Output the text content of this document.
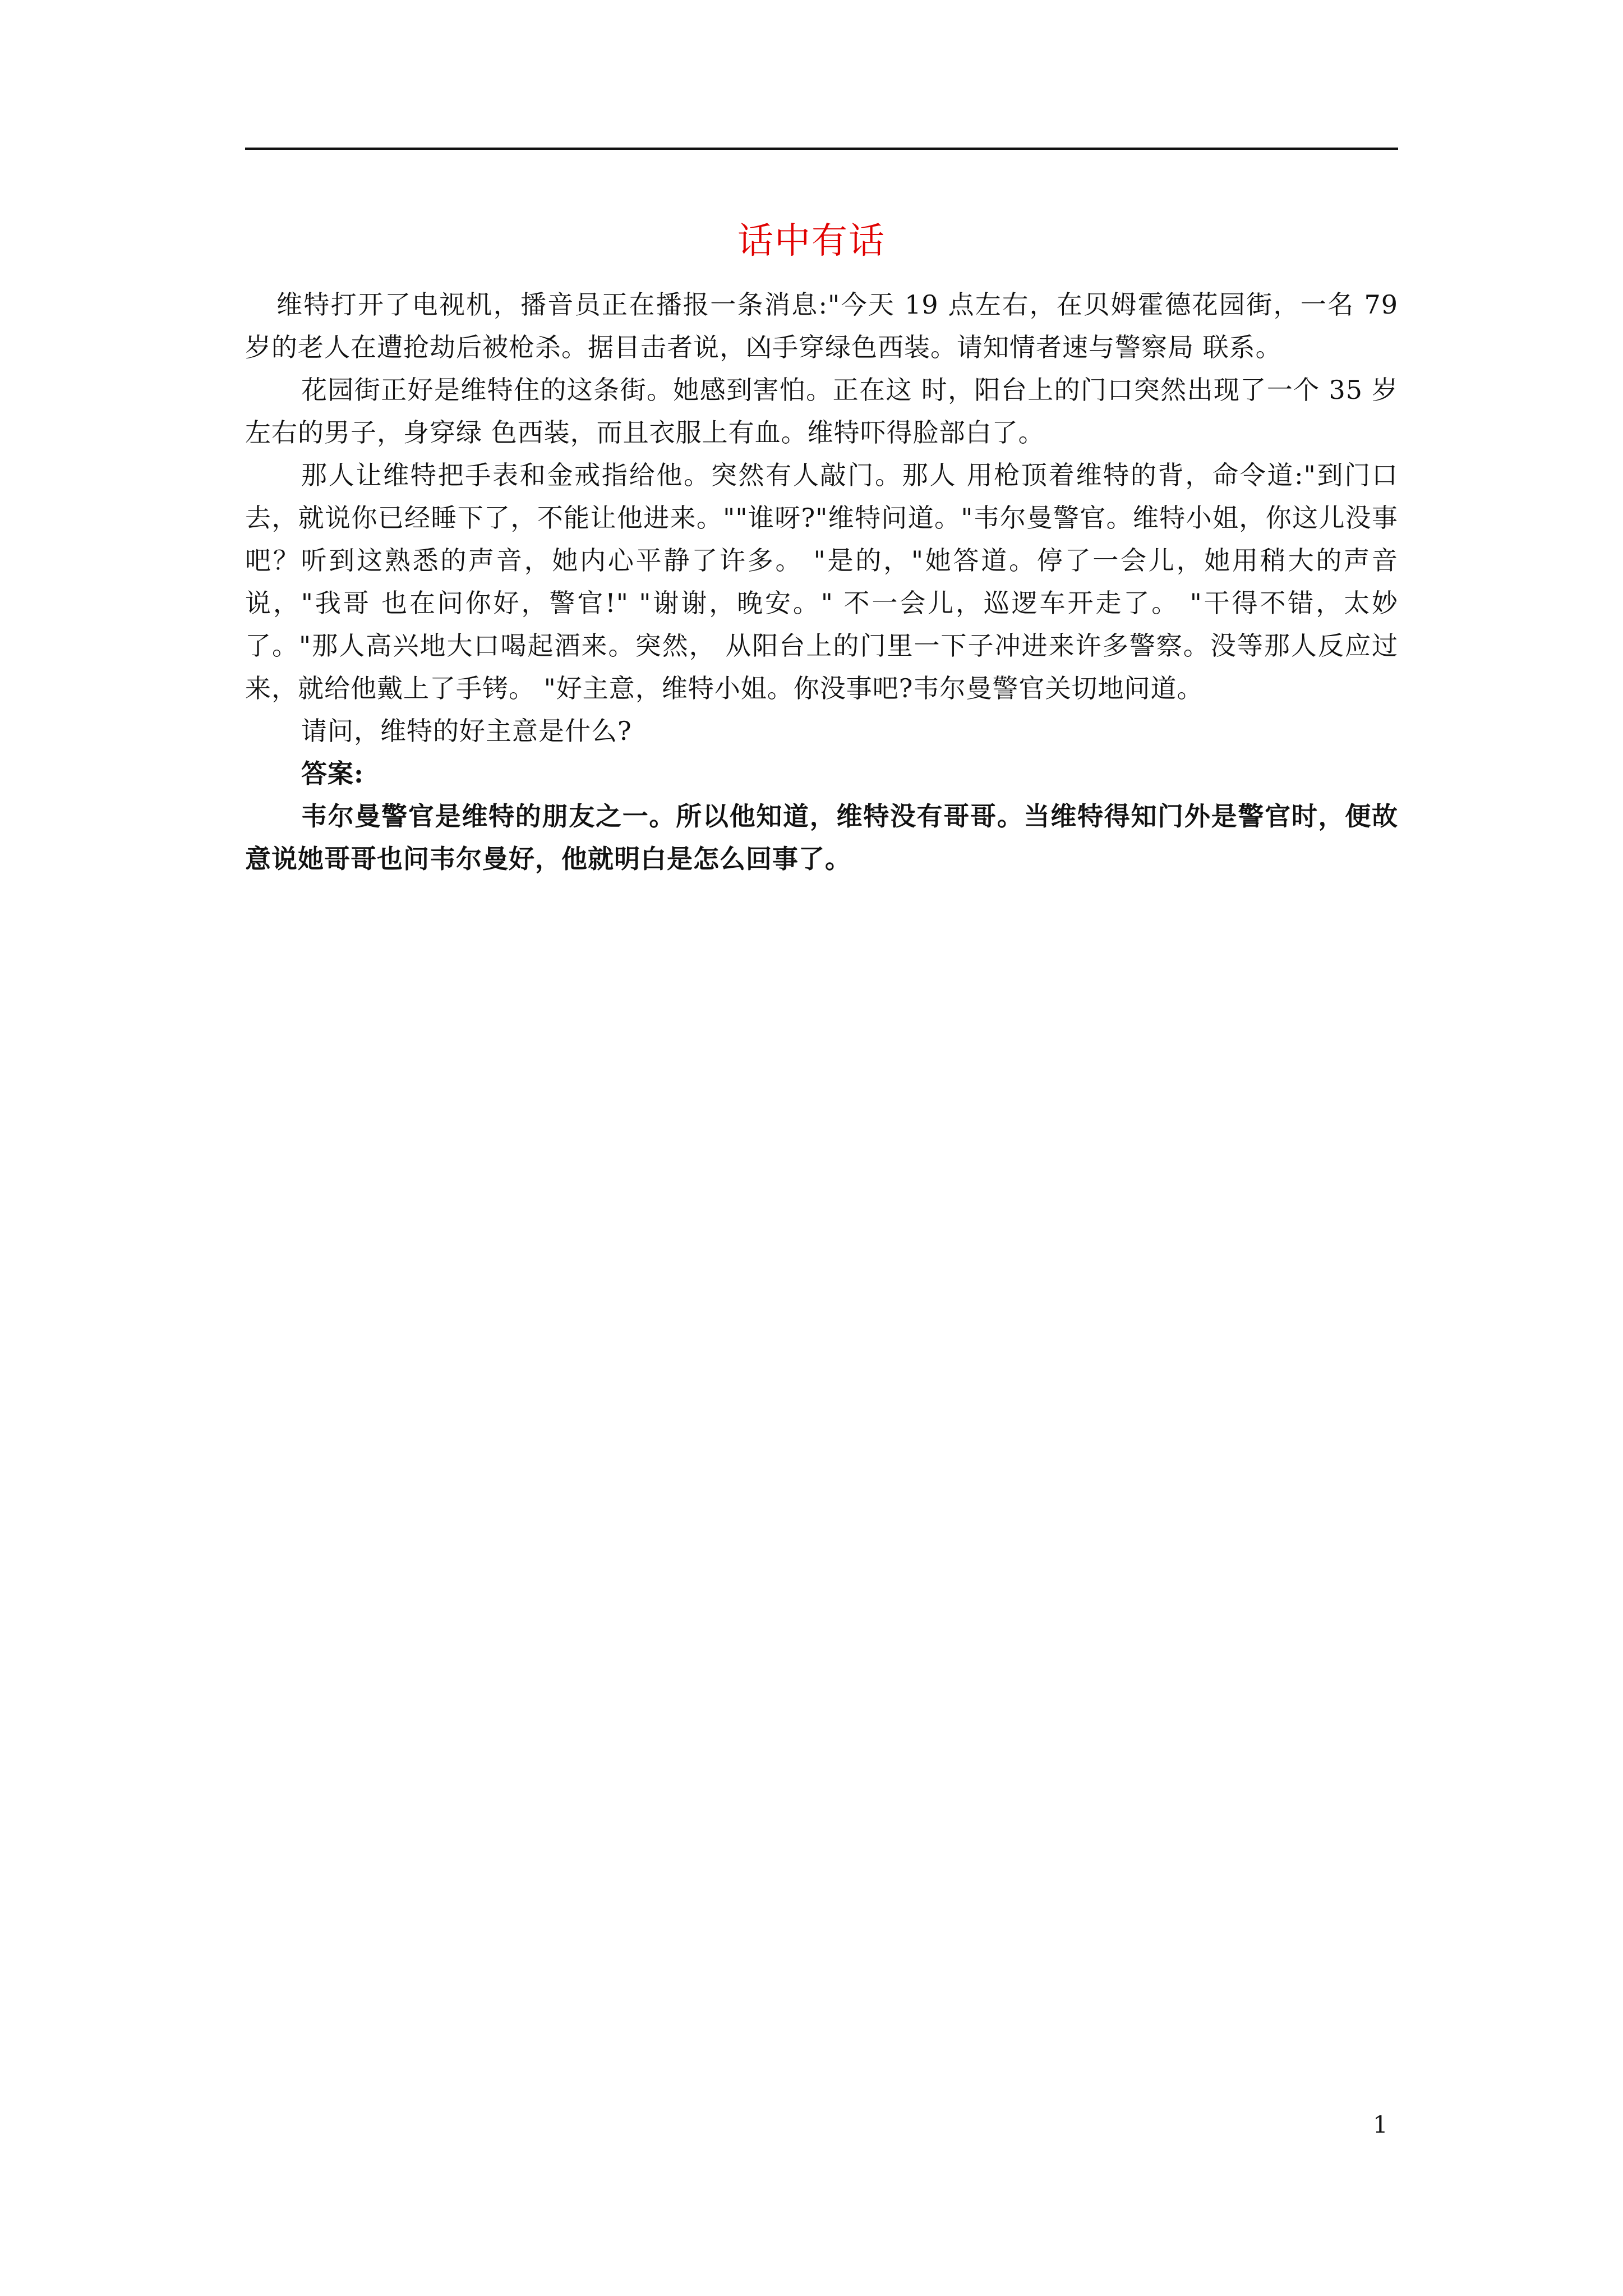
话中有话

维特打开了电视机，播音员正在播报一条消息:"今天 19 点左右，在贝姆霍德花园街，一名 79 岁的老人在遭抢劫后被枪杀。据目击者说，凶手穿绿色西装。请知情者速与警察局 联系。

花园街正好是维特住的这条街。她感到害怕。正在这 时，阳台上的门口突然出现了一个 35 岁左右的男子，身穿绿 色西装，而且衣服上有血。维特吓得脸部白了。

那人让维特把手表和金戒指给他。突然有人敲门。那人 用枪顶着维特的背，命令道:"到门口去，就说你已经睡下了，不能让他进来。""谁呀?"维特问道。"韦尔曼警官。维特小姐，你这儿没事吧？听到这熟悉的声音，她内心平静了许多。 "是的，"她答道。停了一会儿，她用稍大的声音说，"我哥 也在问你好，警官!" "谢谢，晚安。" 不一会儿，巡逻车开走了。 "干得不错，太妙了。"那人高兴地大口喝起酒来。突然， 从阳台上的门里一下子冲进来许多警察。没等那人反应过来，就给他戴上了手铐。 "好主意，维特小姐。你没事吧?韦尔曼警官关切地问道。

请问，维特的好主意是什么?

答案:

韦尔曼警官是维特的朋友之一。所以他知道，维特没有哥哥。当维特得知门外是警官时，便故意说她哥哥也问韦尔曼好，他就明白是怎么回事了。

1
